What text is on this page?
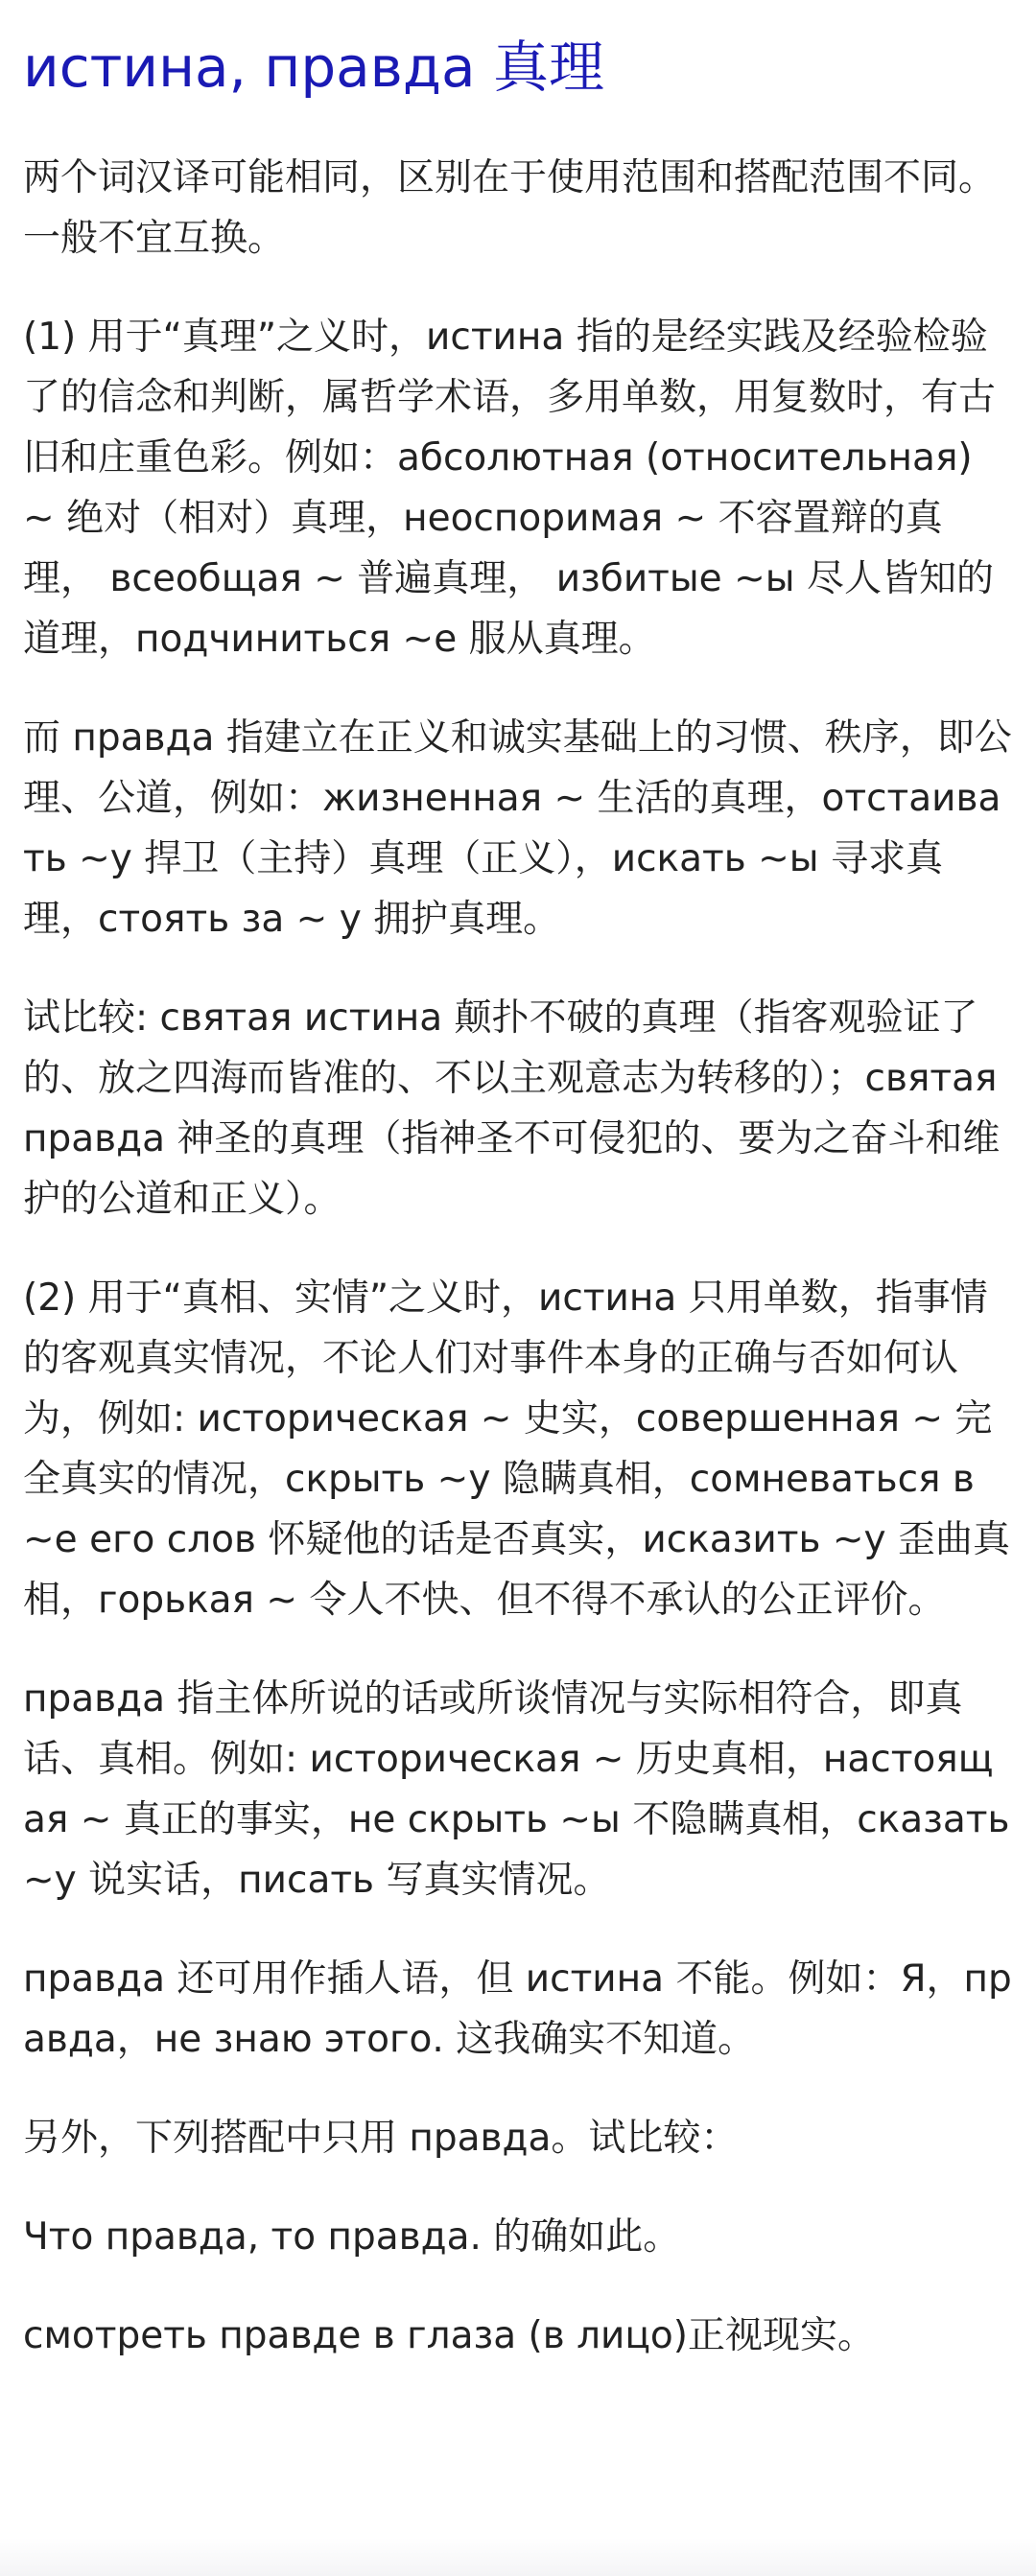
истина, правда 真理

两个词汉译可能相同，区别在于使用范围和搭配范围不同。一般不宜互换。

(1) 用于“真理”之义时，истина 指的是经实践及经验检验了的信念和判断，属哲学术语，多用单数，用复数时，有古旧和庄重色彩。例如：абсолютная (относительная) ~ 绝对（相对）真理，неоспоримая ~ 不容置辩的真理， всеобщая ~ 普遍真理， избитые ~ы 尽人皆知的道理，подчиниться ~е 服从真理。

而 правда 指建立在正义和诚实基础上的习惯、秩序，即公理、公道，例如：жизненная ~ 生活的真理，отстаивать ~у 捍卫（主持）真理（正义），искать ~ы 寻求真理，стоять за ~ у 拥护真理。

试比较: святая истина 颠扑不破的真理（指客观验证了的、放之四海而皆准的、不以主观意志为转移的）；святая правда 神圣的真理（指神圣不可侵犯的、要为之奋斗和维护的公道和正义）。

(2) 用于“真相、实情”之义时，истина 只用单数，指事情的客观真实情况，不论人们对事件本身的正确与否如何认为，例如: историческая ~ 史实，совершенная ~ 完全真实的情况，скрыть ~у 隐瞒真相，сомневаться в ~е его слов 怀疑他的话是否真实，исказить ~у 歪曲真相，горькая ~ 令人不快、但不得不承认的公正评价。

правда 指主体所说的话或所谈情况与实际相符合，即真话、真相。例如: историческая ~ 历史真相，настоящая ~ 真正的事实，не скрыть ~ы 不隐瞒真相，сказать ~у 说实话，писать 写真实情况。

правда 还可用作插人语，但 истина 不能。例如：Я，правда，не знаю этого. 这我确实不知道。

另外，下列搭配中只用 правда。试比较：

Что правда, то правда. 的确如此。

смотреть правде в глаза (в лицо)正视现实。
